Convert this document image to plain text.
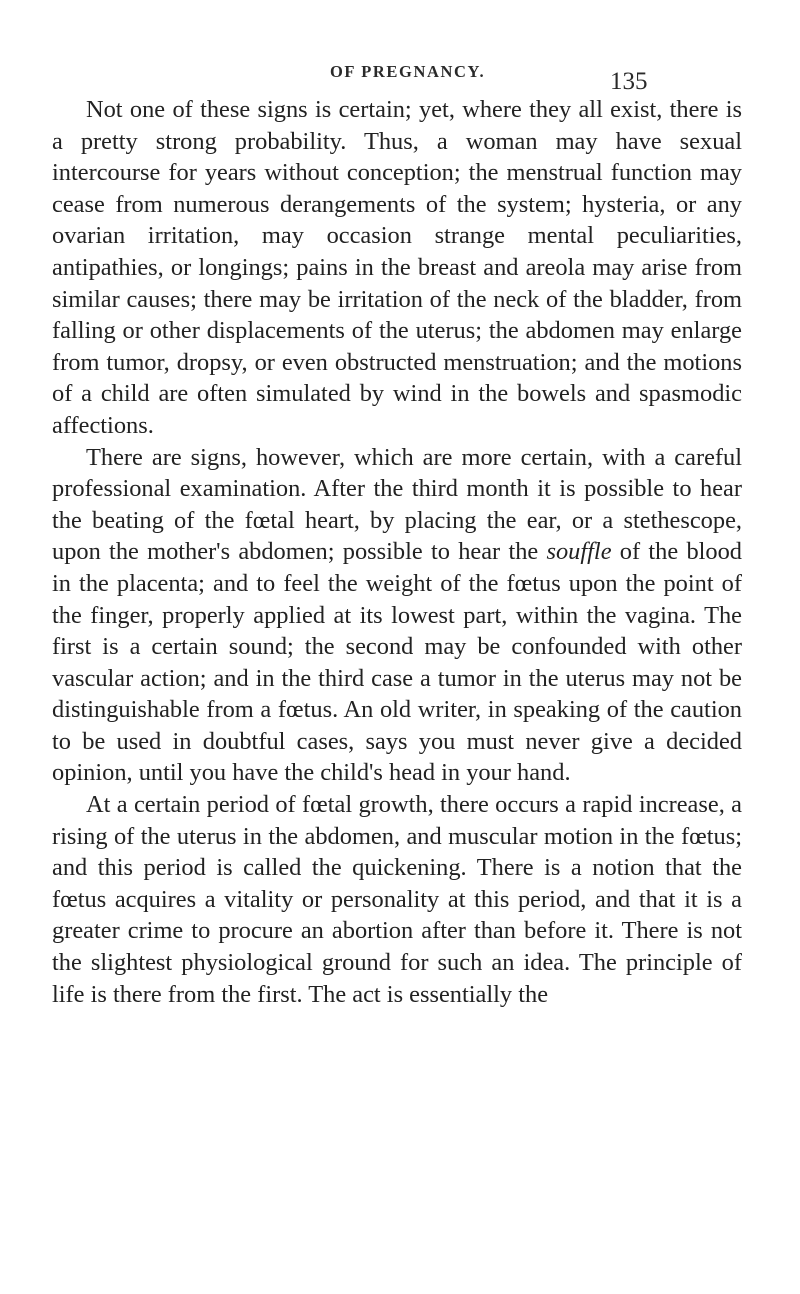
OF PREGNANCY.	135

Not one of these signs is certain; yet, where they all exist, there is a pretty strong probability. Thus, a woman may have sexual intercourse for years without conception; the menstrual function may cease from numerous derangements of the system; hysteria, or any ovarian irritation, may occasion strange mental peculiarities, antipathies, or longings; pains in the breast and areola may arise from similar causes; there may be irritation of the neck of the bladder, from falling or other displacements of the uterus; the abdomen may enlarge from tumor, dropsy, or even obstructed menstruation; and the motions of a child are often simulated by wind in the bowels and spasmodic affections.

There are signs, however, which are more certain, with a careful professional examination. After the third month it is possible to hear the beating of the fœtal heart, by placing the ear, or a stethescope, upon the mother's abdomen; possible to hear the souffle of the blood in the placenta; and to feel the weight of the fœtus upon the point of the finger, properly applied at its lowest part, within the vagina. The first is a certain sound; the second may be confounded with other vascular action; and in the third case a tumor in the uterus may not be distinguishable from a fœtus. An old writer, in speaking of the caution to be used in doubtful cases, says you must never give a decided opinion, until you have the child's head in your hand.

At a certain period of fœtal growth, there occurs a rapid increase, a rising of the uterus in the abdomen, and muscular motion in the fœtus; and this period is called the quickening. There is a notion that the fœtus acquires a vitality or personality at this period, and that it is a greater crime to procure an abortion after than before it. There is not the slightest physiological ground for such an idea. The principle of life is there from the first. The act is essentially the
